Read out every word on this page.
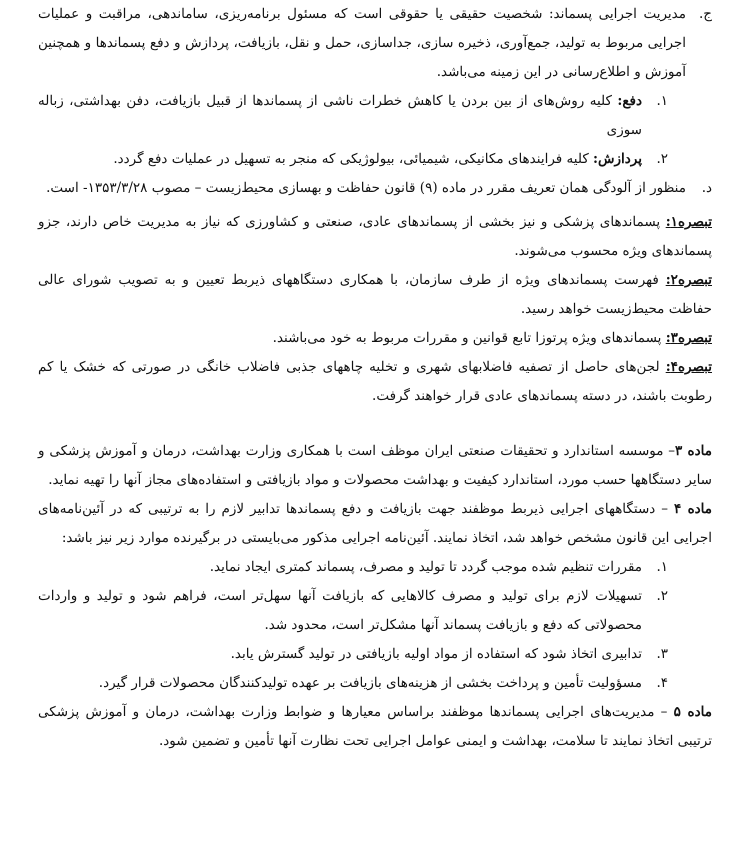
ج.
مدیریت اجرایی پسماند: شخصیت حقیقی یا حقوقی است که مسئول برنامه‌ریزی، ساماندهی، مراقبت و عملیات اجرایی مربوط به تولید، جمع‌آوری، ذخیره سازی، جداسازی، حمل و نقل، بازیافت، پردازش و دفع پسماندها و همچنین آموزش و اطلاع‌رسانی در این زمینه می‌باشد.
۱.
دفع: کلیه روش‌های از بین بردن یا کاهش خطرات ناشی از پسماندها از قبیل بازیافت، دفن بهداشتی، زباله سوزی
۲.
پردازش: کلیه فرایندهای مکانیکی، شیمیائی، بیولوژیکی که منجر به تسهیل در عملیات دفع گردد.
د.
منظور از آلودگی همان تعریف مقرر در ماده (۹) قانون حفاظت و بهسازی محیط‌زیست – مصوب ۱۳۵۳/۳/۲۸- است.

تبصره۱: پسماندهای پزشکی و نیز بخشی از پسماندهای عادی، صنعتی و کشاورزی که نیاز به مدیریت خاص دارند، جزو پسماندهای ویژه محسوب می‌شوند.

تبصره۲: فهرست پسماندهای ویژه از طرف سازمان، با همکاری دستگاههای ذیربط تعیین و به تصویب شورای عالی حفاظت محیط‌زیست خواهد رسید.

تبصره۳: پسماندهای ویژه پرتوزا تابع قوانین و مقررات مربوط به خود می‌باشند.

تبصره۴: لجن‌های حاصل از تصفیه فاضلابهای شهری و تخلیه چاههای جذبی فاضلاب خانگی در صورتی که خشک یا کم رطوبت باشند، در دسته پسماندهای عادی قرار خواهند گرفت.

ماده ۳– موسسه استاندارد و تحقیقات صنعتی ایران موظف است با همکاری وزارت بهداشت، درمان و آموزش پزشکی و سایر دستگاهها حسب مورد، استاندارد کیفیت و بهداشت محصولات و مواد بازیافتی و استفاده‌های مجاز آنها را تهیه نماید.

ماده ۴ – دستگاههای اجرایی ذیربط موظفند جهت بازیافت و دفع پسماندها تدابیر لازم را به ترتیبی که در آئین‌نامه‌های اجرایی این قانون مشخص خواهد شد، اتخاذ نمایند. آئین‌نامه اجرایی مذکور می‌بایستی در برگیرنده موارد زیر نیز باشد:

۱.
مقررات تنظیم شده موجب گردد تا تولید و مصرف، پسماند کمتری ایجاد نماید.
۲.
تسهیلات لازم برای تولید و مصرف کالاهایی که بازیافت آنها سهل‌تر است، فراهم شود و تولید و واردات محصولاتی که دفع و بازیافت پسماند آنها مشکل‌تر است، محدود شد.
۳.
تدابیری اتخاذ شود که استفاده از مواد اولیه بازیافتی در تولید گسترش یابد.
۴.
مسؤولیت تأمین و پرداخت بخشی از هزینه‌های بازیافت بر عهده تولیدکنندگان محصولات قرار گیرد.

ماده ۵ – مدیریت‌های اجرایی پسماندها موظفند براساس معیارها و ضوابط وزارت بهداشت، درمان و آموزش پزشکی ترتیبی اتخاذ نمایند تا سلامت، بهداشت و ایمنی عوامل اجرایی تحت نظارت آنها تأمین و تضمین شود.
